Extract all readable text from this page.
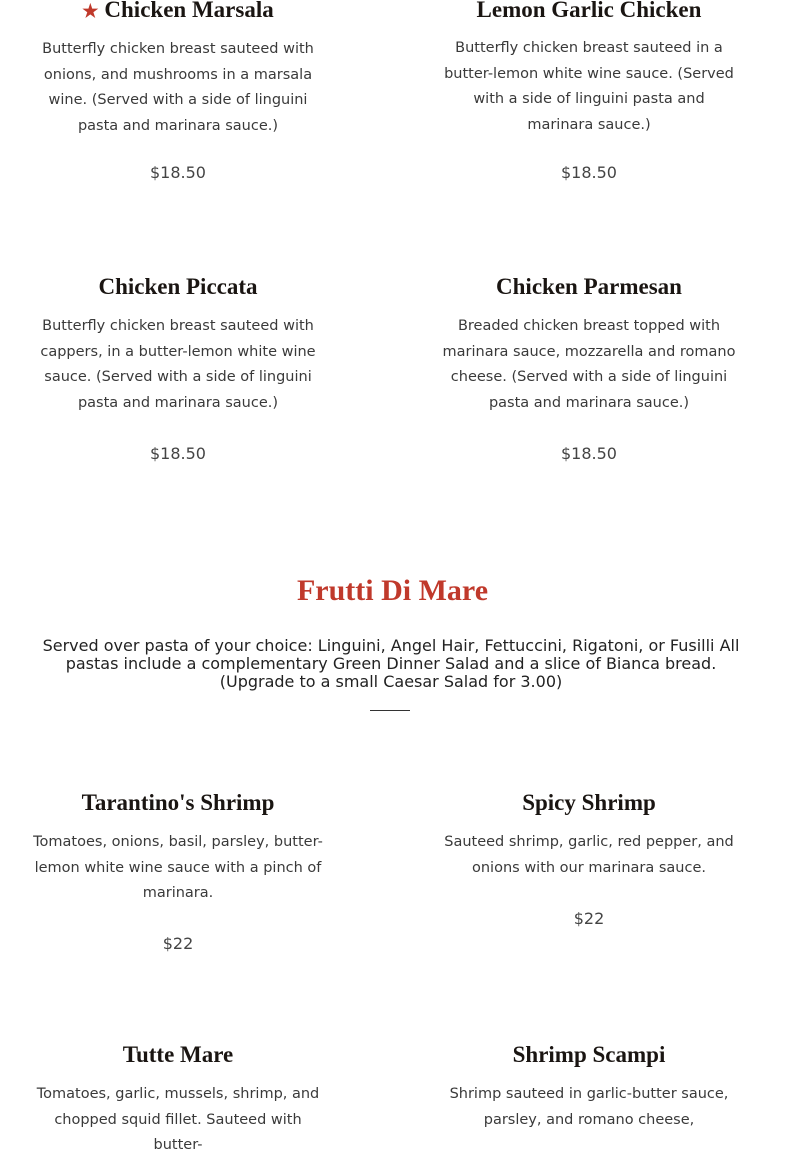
★ Chicken Marsala

Butterfly chicken breast sauteed with onions, and mushrooms in a marsala wine. (Served with a side of linguini pasta and marinara sauce.)

$18.50
Lemon Garlic Chicken

Butterfly chicken breast sauteed in a butter-lemon white wine sauce. (Served with a side of linguini pasta and marinara sauce.)

$18.50
Chicken Piccata

Butterfly chicken breast sauteed with cappers, in a butter-lemon white wine sauce. (Served with a side of linguini pasta and marinara sauce.)

$18.50
Chicken Parmesan

Breaded chicken breast topped with marinara sauce, mozzarella and romano cheese. (Served with a side of linguini pasta and marinara sauce.)

$18.50
Frutti Di Mare

Served over pasta of your choice: Linguini, Angel Hair, Fettuccini, Rigatoni, or Fusilli All pastas include a complementary Green Dinner Salad and a slice of Bianca bread. (Upgrade to a small Caesar Salad for 3.00)

Tarantino's Shrimp

Tomatoes, onions, basil, parsley, butter-lemon white wine sauce with a pinch of marinara.

$22
Spicy Shrimp

Sauteed shrimp, garlic, red pepper, and onions with our marinara sauce.

$22
Tutte Mare

Tomatoes, garlic, mussels, shrimp, and chopped squid fillet. Sauteed with butter-

Shrimp Scampi

Shrimp sauteed in garlic-butter sauce, parsley, and romano cheese,
